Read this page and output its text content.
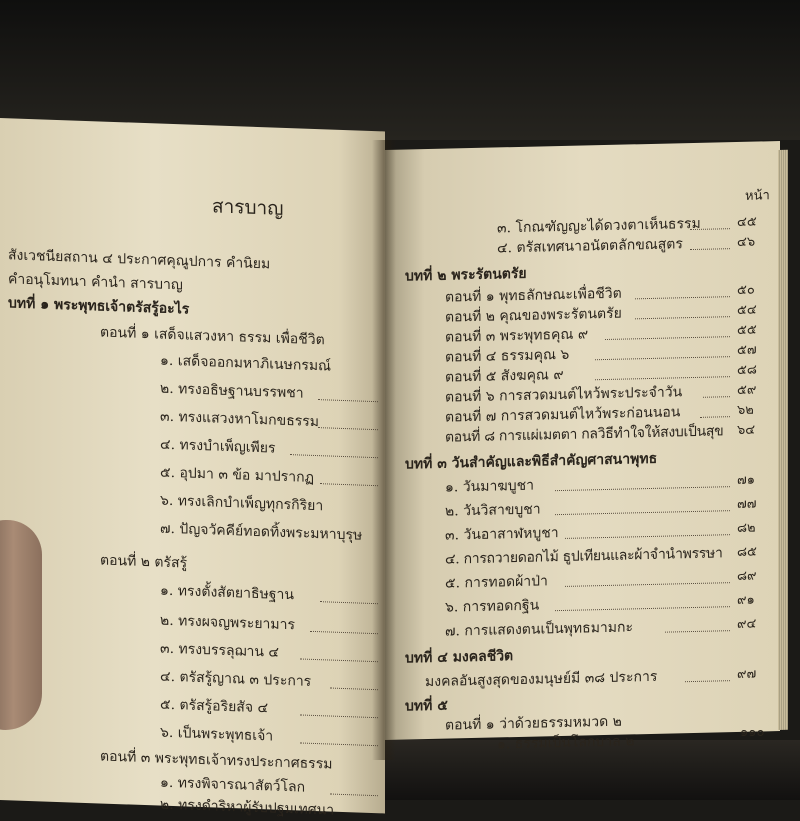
สารบาญ
สังเวชนียสถาน ๔ ประกาศคุณูปการ คำนิยม
คำอนุโมทนา คำนำ สารบาญ
บทที่ ๑ พระพุทธเจ้าตรัสรู้อะไร
ตอนที่ ๑ เสด็จแสวงหา ธรรม เพื่อชีวิต
๑. เสด็จออกมหาภิเนษกรมณ์
๒. ทรงอธิษฐานบรรพชา
๓. ทรงแสวงหาโมกขธรรม
๔. ทรงบำเพ็ญเพียร
๕. อุปมา ๓ ข้อ มาปรากฏ
๖. ทรงเลิกบำเพ็ญทุกรกิริยา
๗. ปัญจวัคคีย์ทอดทิ้งพระมหาบุรุษ
ตอนที่ ๒ ตรัสรู้
๑. ทรงตั้งสัตยาธิษฐาน
๒. ทรงผจญพระยามาร
๓. ทรงบรรลุฌาน ๔
๔. ตรัสรู้ญาณ ๓ ประการ
๕. ตรัสรู้อริยสัจ ๔
๖. เป็นพระพุทธเจ้า
ตอนที่ ๓ พระพุทธเจ้าทรงประกาศธรรม
๑. ทรงพิจารณาสัตว์โลก
๒. ทรงดำริหาผู้รับปฐมเทศนา
หน้า
๓. โกณฑัญญะได้ดวงตาเห็นธรรม	๔๕
๔. ตรัสเทศนาอนัตตลักขณสูตร	๔๖
บทที่ ๒ พระรัตนตรัย
ตอนที่ ๑ พุทธลักษณะเพื่อชีวิต	๕๐
ตอนที่ ๒ คุณของพระรัตนตรัย	๕๔
ตอนที่ ๓ พระพุทธคุณ ๙	๕๕
ตอนที่ ๔ ธรรมคุณ ๖	๕๗
ตอนที่ ๕ สังฆคุณ ๙	๕๘
ตอนที่ ๖ การสวดมนต์ไหว้พระประจำวัน	๕๙
ตอนที่ ๗ การสวดมนต์ไหว้พระก่อนนอน	๖๒
ตอนที่ ๘ การแผ่เมตตา กลวิธีทำใจให้สงบเป็นสุข ๖๔
บทที่ ๓ วันสำคัญและพิธีสำคัญศาสนาพุทธ
๑. วันมาฆบูชา	๗๑
๒. วันวิสาขบูชา	๗๗
๓. วันอาสาฬหบูชา	๘๒
๔. การถวายดอกไม้ ธูปเทียนและผ้าจำนำพรรษา ๘๕
๕. การทอดผ้าป่า	๘๙
๖. การทอดกฐิน	๙๑
๗. การแสดงตนเป็นพุทธมามกะ	๙๔
บทที่ ๔ มงคลชีวิต
มงคลอันสูงสุดของมนุษย์มี ๓๘ ประการ	๙๗
บทที่ ๕
ตอนที่ ๑ ว่าด้วยธรรมหมวด ๒
๑. ธรรมเป็นโลกบาล ๒
๑๑๐
